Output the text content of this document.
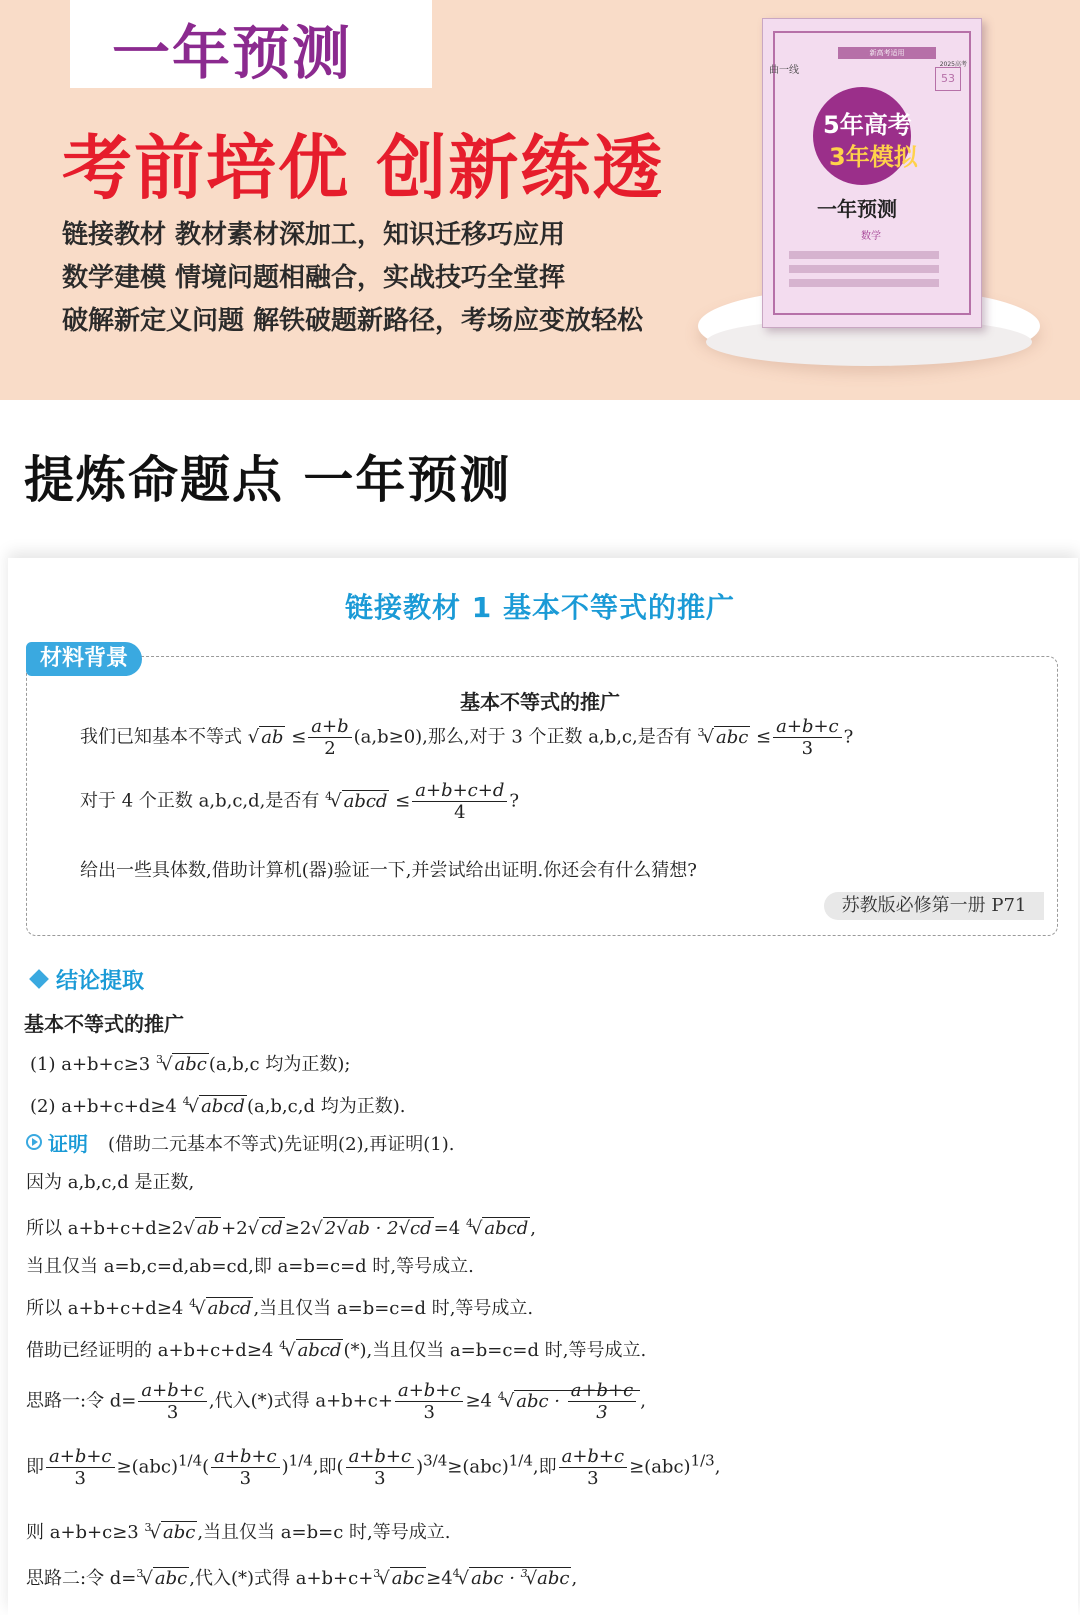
一年预测
考前培优 创新练透
链接教材 教材素材深加工，知识迁移巧应用
数学建模 情境问题相融合，实战技巧全堂挥
破解新定义问题 解铁破题新路径，考场应变放轻松
曲一线
新高考适用
2025高考
53
5年高考
3年模拟
一年预测
数学
提炼命题点 一年预测
链接教材 1 基本不等式的推广
材料背景
基本不等式的推广
我们已知基本不等式 √ ab ≤ $\frac{a+b}{2} (a,b\ge 0)$,那么,对于 3 个正数 a,b,c,是否有 $^3$√ abc ≤ $\frac{a+b+c}{3}$ ?
对于 4 个正数 a,b,c,d,是否有 $^4$√ abcd ≤ $\frac{a+b+c+d}{4}$ ?
给出一些具体数,借助计算机(器)验证一下,并尝试给出证明.你还会有什么猜想?
苏教版必修第一册 P71
结论提取
基本不等式的推广
(1) a+b+c≥3 $^3$√ abc (a,b,c 均为正数);
(2) a+b+c+d≥4 $^4$√ abcd (a,b,c,d 均为正数).
证明 (借助二元基本不等式)先证明(2),再证明(1).
因为 a,b,c,d 是正数,
所以 a+b+c+d≥2√ ab +2√ cd ≥2√ 2√ab · 2√cd =4 $^4$√ abcd ,
当且仅当 a=b,c=d,ab=cd,即 a=b=c=d 时,等号成立.
所以 a+b+c+d≥4 $^4$√ abcd ,当且仅当 a=b=c=d 时,等号成立.
借助已经证明的 a+b+c+d≥4 $^4$√ abcd (*),当且仅当 a=b=c=d 时,等号成立.
思路一:令 $d= \frac{a+b+c}{3}$ ,代入(*)式得 $a+b+c+ \frac{a+b+c}{3} \ge 4$ $^4$√ abc · $\frac{a+b+c}{3}$ ,
即 $\frac{a+b+c}{3} \ge(abc)^{1/4}( \frac{a+b+c}{3} )^{1/4}$,即( $\frac{a+b+c}{3} )^{3/4}\ge(abc)^{1/4}$,即 $\frac{a+b+c}{3} \ge(abc)^{1/3}$,
则 a+b+c≥3 $^3$√ abc ,当且仅当 a=b=c 时,等号成立.
思路二:令 d=$^3$√ abc ,代入(*)式得 a+b+c+$^3$√ abc $\ge 4^4√$ abc · $^3$√abc ,
